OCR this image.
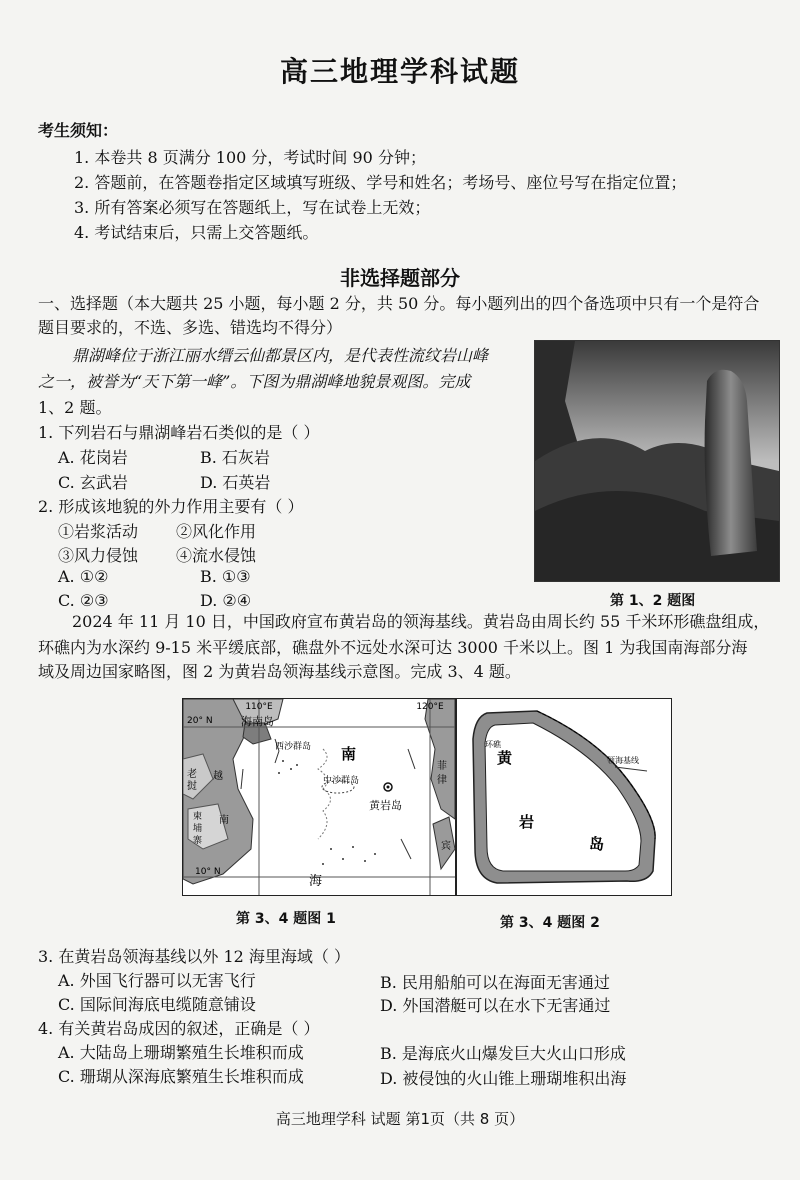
高三地理学科试题
考生须知：
1. 本卷共 8 页满分 100 分，考试时间 90 分钟；
2. 答题前，在答题卷指定区域填写班级、学号和姓名；考场号、座位号写在指定位置；
3. 所有答案必须写在答题纸上，写在试卷上无效；
4. 考试结束后，只需上交答题纸。
非选择题部分
一、选择题（本大题共 25 小题，每小题 2 分，共 50 分。每小题列出的四个备选项中只有一个是符合
题目要求的，不选、多选、错选均不得分）
鼎湖峰位于浙江丽水缙云仙都景区内，是代表性流纹岩山峰
之一，被誉为“天下第一峰”。下图为鼎湖峰地貌景观图。完成
1、2 题。
1. 下列岩石与鼎湖峰岩石类似的是（ ）
A. 花岗岩	B. 石灰岩
C. 玄武岩	D. 石英岩
2. 形成该地貌的外力作用主要有（ ）
①岩浆活动 ②风化作用
③风力侵蚀 ④流水侵蚀
A. ①②	B. ①③
C. ②③	D. ②④	第 1、2 题图
2024 年 11 月 10 日，中国政府宣布黄岩岛的领海基线。黄岩岛由周长约 55 千米环形礁盘组成，
环礁内为水深约 9-15 米平缓底部，礁盘外不远处水深可达 3000 千米以上。图 1 为我国南海部分海
域及周边国家略图，图 2 为黄岩岛领海基线示意图。完成 3、4 题。
110°E	120°E
20° N
10° N
海南岛
西沙群岛 南
中沙群岛
黄岩岛
海
老
挝
越
南
柬
埔
寨
菲
律
宾
环礁
领海基线
黄
岩
岛
第 3、4 题图 1	第 3、4 题图 2
3. 在黄岩岛领海基线以外 12 海里海域（ ）
A. 外国飞行器可以无害飞行	B. 民用船舶可以在海面无害通过
C. 国际间海底电缆随意铺设	D. 外国潜艇可以在水下无害通过
4. 有关黄岩岛成因的叙述，正确是（ ）
A. 大陆岛上珊瑚繁殖生长堆积而成	B. 是海底火山爆发巨大火山口形成
C. 珊瑚从深海底繁殖生长堆积而成	D. 被侵蚀的火山锥上珊瑚堆积出海
高三地理学科 试题 第1页（共 8 页）
